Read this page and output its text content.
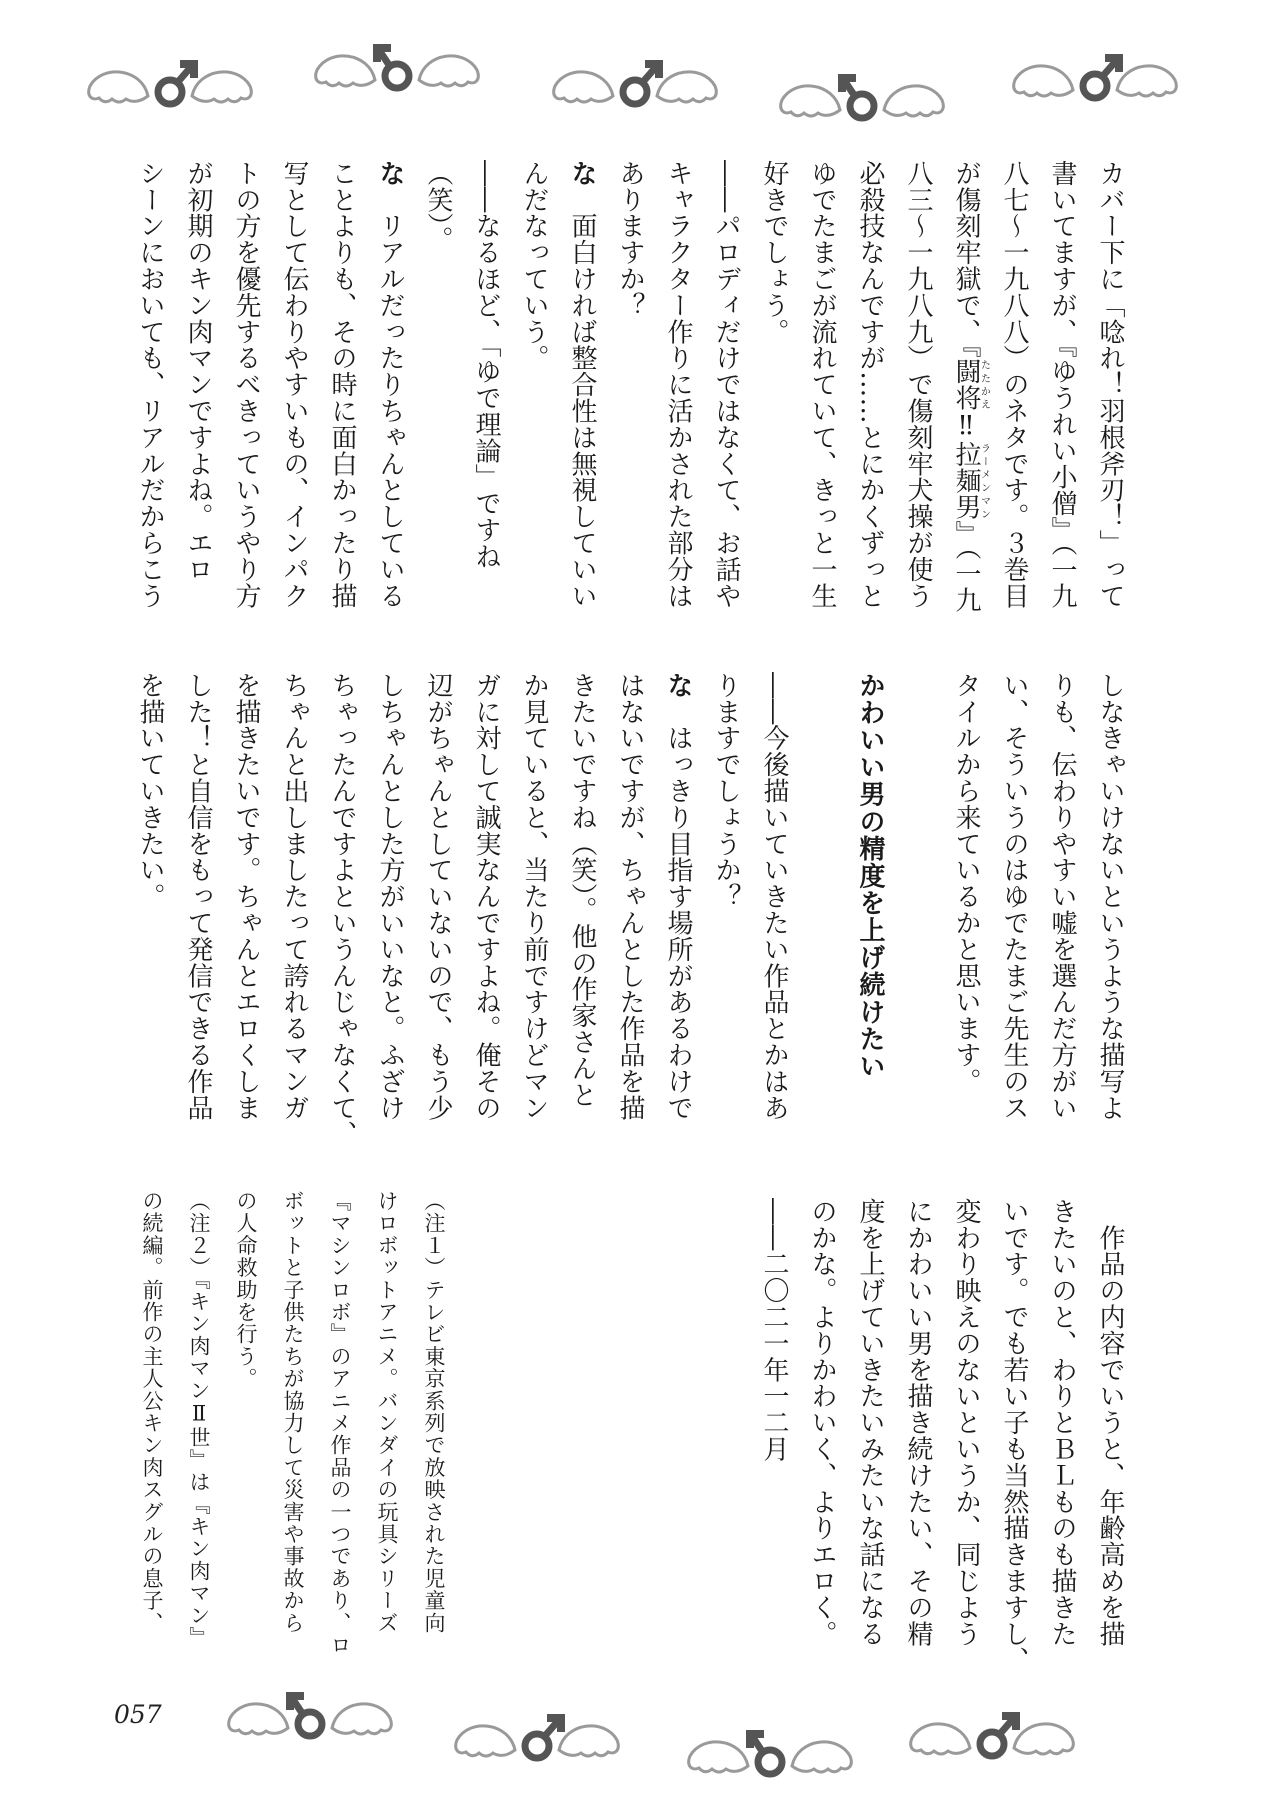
カバー下に「唸れ！羽根斧刃！」って
書いてますが、『ゆうれい小僧』（一九
八七〜一九八八）のネタです。３巻目
が傷刻牢獄で、『闘将たたかえ‼拉麺男ラーメンマン』（一九
八三〜一九八九）で傷刻牢犬操が使う
必殺技なんですが……とにかくずっと
ゆでたまごが流れていて、きっと一生
好きでしょう。
――パロディだけではなくて、お話や
キャラクター作りに活かされた部分は
ありますか？
な　面白ければ整合性は無視していい
んだなっていう。
――なるほど、「ゆで理論」ですね
（笑）。
な　リアルだったりちゃんとしている
ことよりも、その時に面白かったり描
写として伝わりやすいもの、インパク
トの方を優先するべきっていうやり方
が初期のキン肉マンですよね。エロ
シーンにおいても、リアルだからこう
しなきゃいけないというような描写よ
りも、伝わりやすい嘘を選んだ方がい
い、そういうのはゆでたまご先生のス
タイルから来ているかと思います。
かわいい男の精度を上げ続けたい
――今後描いていきたい作品とかはあ
りますでしょうか？
な　はっきり目指す場所があるわけで
はないですが、ちゃんとした作品を描
きたいですね（笑）。他の作家さんと
か見ていると、当たり前ですけどマン
ガに対して誠実なんですよね。俺その
辺がちゃんとしていないので、もう少
しちゃんとした方がいいなと。ふざけ
ちゃったんですよというんじゃなくて、
ちゃんと出しましたって誇れるマンガ
を描きたいです。ちゃんとエロくしま
した！と自信をもって発信できる作品
を描いていきたい。
　作品の内容でいうと、年齢高めを描
きたいのと、わりとＢＬものも描きた
いです。でも若い子も当然描きますし、
変わり映えのないというか、同じよう
にかわいい男を描き続けたい、その精
度を上げていきたいみたいな話になる
のかな。よりかわいく、よりエロく。
――二〇二一年一二月
（注１）テレビ東京系列で放映された児童向
けロボットアニメ。バンダイの玩具シリーズ
『マシンロボ』のアニメ作品の一つであり、ロ
ボットと子供たちが協力して災害や事故から
の人命救助を行う。
（注２）『キン肉マンⅡ世』は『キン肉マン』
の続編。前作の主人公キン肉スグルの息子、
057
